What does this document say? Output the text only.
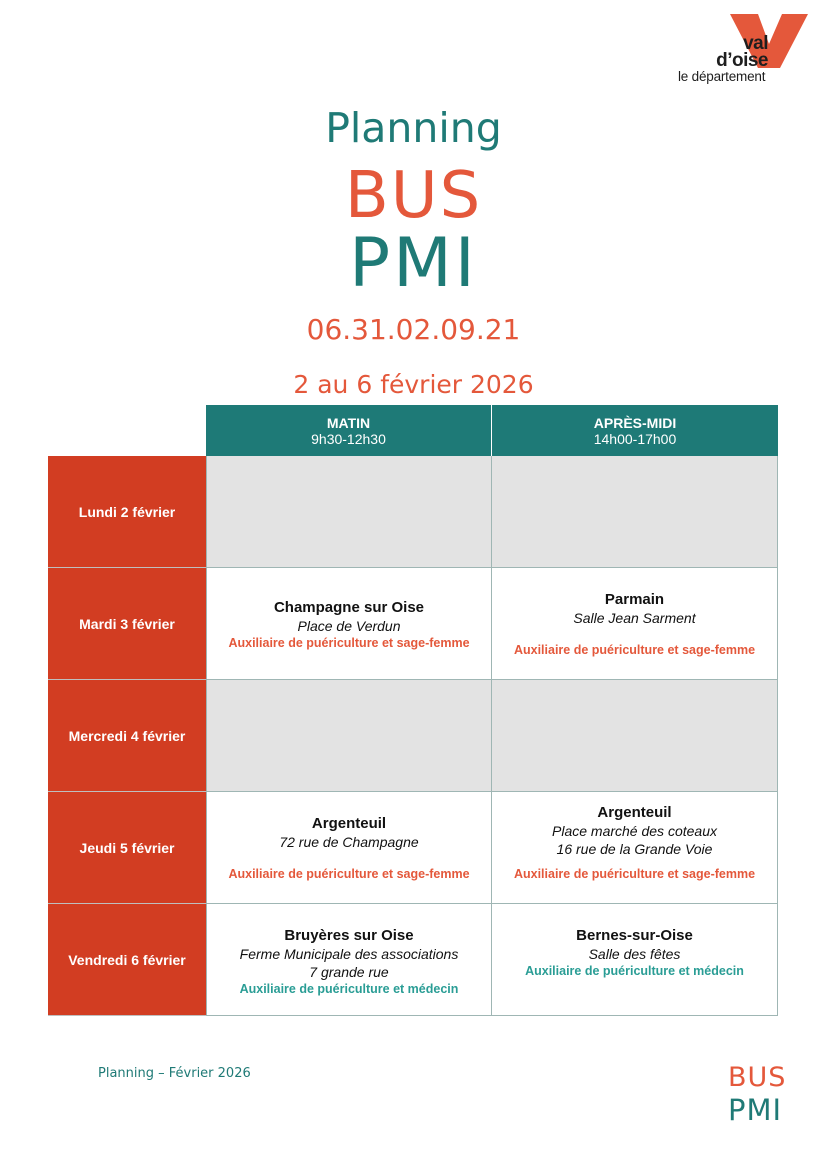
val
d’oise
le département
Planning
BUS
PMI
06.31.02.09.21
2 au 6 février 2026
MATIN
9h30-12h30
APRÈS-MIDI
14h00-17h00
Lundi 2 février
Mardi 3 février
Champagne sur Oise
Place de Verdun
Auxiliaire de puériculture et sage-femme
Parmain
Salle Jean Sarment
Auxiliaire de puériculture et sage-femme
Mercredi 4 février
Jeudi 5 février
Argenteuil
72 rue de Champagne
Auxiliaire de puériculture et sage-femme
Argenteuil
Place marché des coteaux
16 rue de la Grande Voie
Auxiliaire de puériculture et sage-femme
Vendredi 6 février
Bruyères sur Oise
Ferme Municipale des associations
7 grande rue
Auxiliaire de puériculture et médecin
Bernes-sur-Oise
Salle des fêtes
Auxiliaire de puériculture et médecin
Planning – Février 2026	BUS
PMI
